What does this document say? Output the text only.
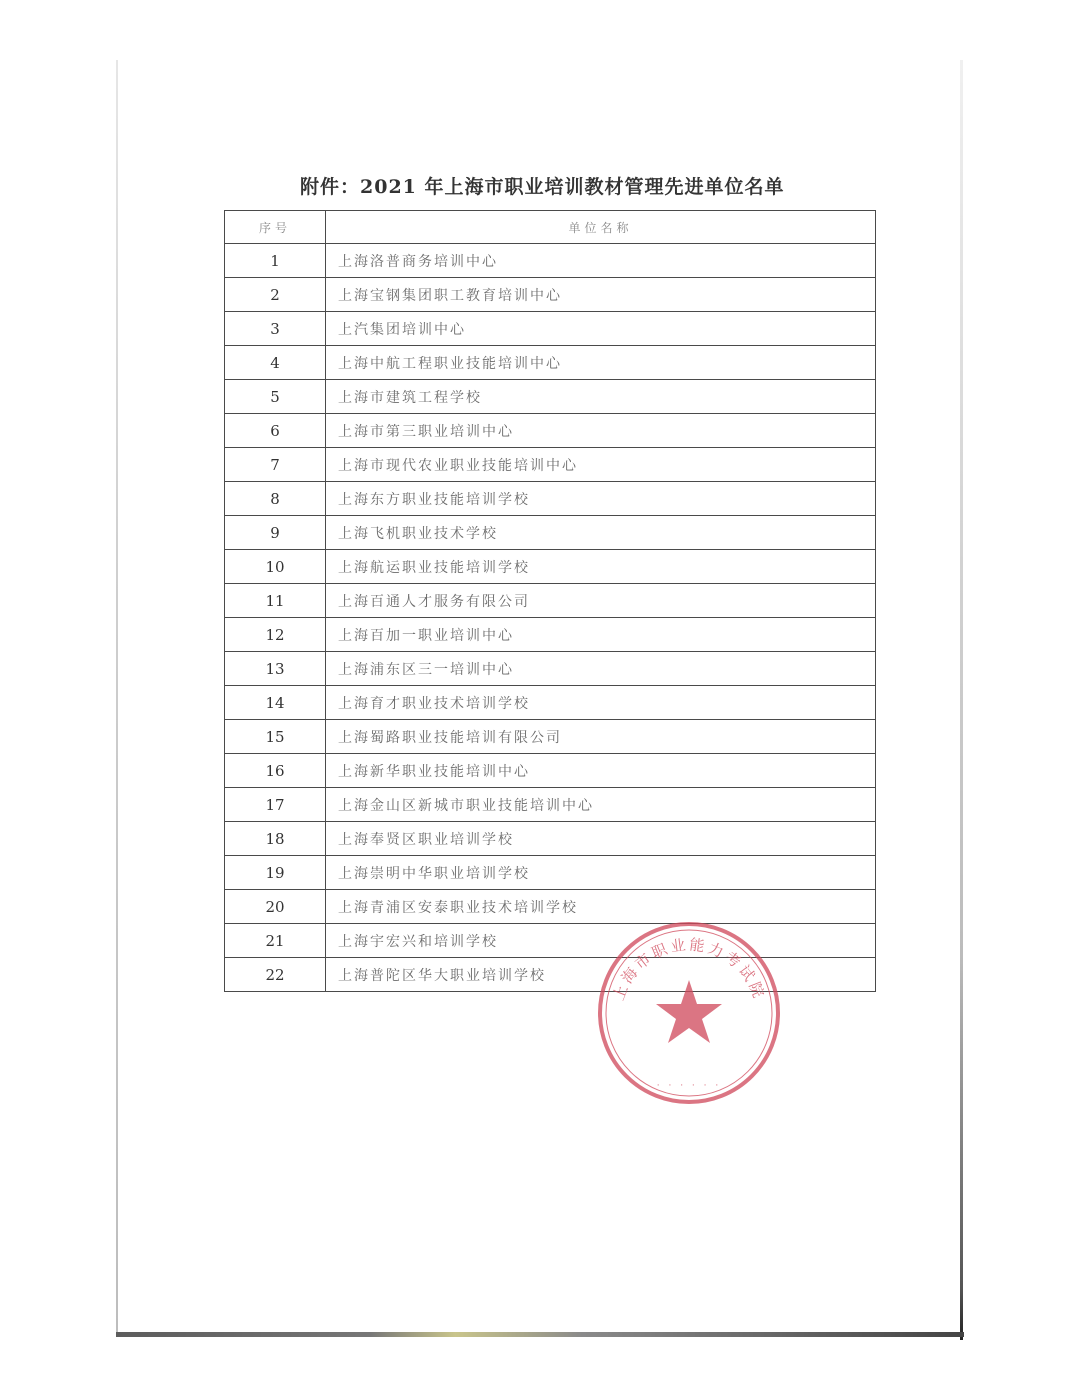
附件：2021 年上海市职业培训教材管理先进单位名单
序号	单位名称
1	上海洛普商务培训中心
2	上海宝钢集团职工教育培训中心
3	上汽集团培训中心
4	上海中航工程职业技能培训中心
5	上海市建筑工程学校
6	上海市第三职业培训中心
7	上海市现代农业职业技能培训中心
8	上海东方职业技能培训学校
9	上海飞机职业技术学校
10	上海航运职业技能培训学校
11	上海百通人才服务有限公司
12	上海百加一职业培训中心
13	上海浦东区三一培训中心
14	上海育才职业技术培训学校
15	上海蜀路职业技能培训有限公司
16	上海新华职业技能培训中心
17	上海金山区新城市职业技能培训中心
18	上海奉贤区职业培训学校
19	上海崇明中华职业培训学校
20	上海青浦区安泰职业技术培训学校
21	上海宇宏兴和培训学校
22	上海普陀区华大职业培训学校
上海市职业能力考试院
· · · · · ·
